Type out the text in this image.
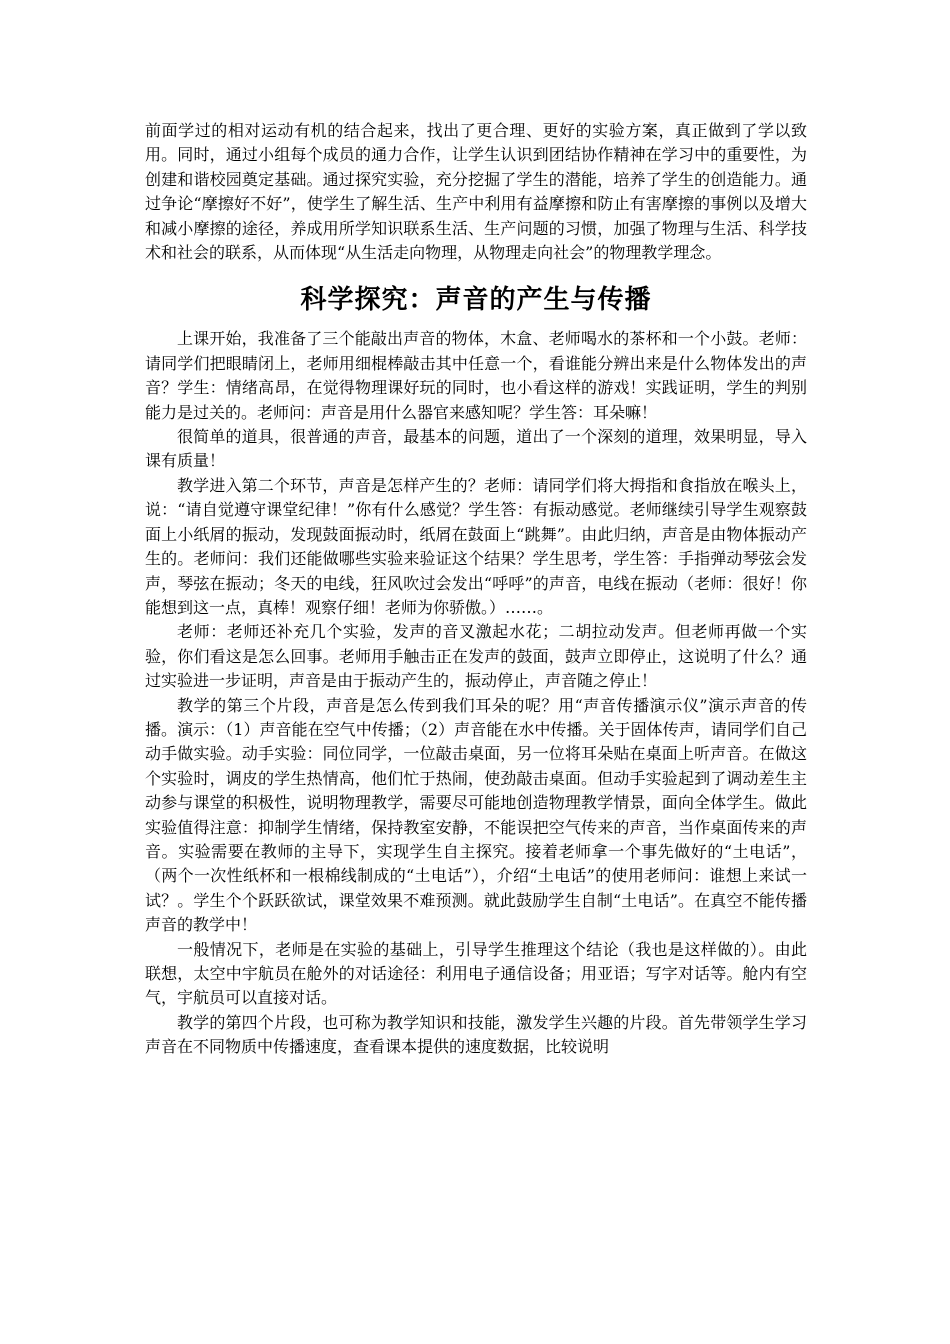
前面学过的相对运动有机的结合起来，找出了更合理、更好的实验方案，真正做到了学以致用。同时，通过小组每个成员的通力合作，让学生认识到团结协作精神在学习中的重要性，为创建和谐校园奠定基础。通过探究实验，充分挖掘了学生的潜能，培养了学生的创造能力。通过争论“摩擦好不好”，使学生了解生活、生产中利用有益摩擦和防止有害摩擦的事例以及增大和减小摩擦的途径，养成用所学知识联系生活、生产问题的习惯，加强了物理与生活、科学技术和社会的联系，从而体现“从生活走向物理，从物理走向社会”的物理教学理念。

科学探究：声音的产生与传播

上课开始，我准备了三个能敲出声音的物体，木盒、老师喝水的茶杯和一个小鼓。老师：请同学们把眼睛闭上，老师用细棍棒敲击其中任意一个，看谁能分辨出来是什么物体发出的声音？学生：情绪高昂，在觉得物理课好玩的同时，也小看这样的游戏！实践证明，学生的判别能力是过关的。老师问：声音是用什么器官来感知呢？学生答：耳朵嘛！

很简单的道具，很普通的声音，最基本的问题，道出了一个深刻的道理，效果明显，导入课有质量！

教学进入第二个环节，声音是怎样产生的？老师：请同学们将大拇指和食指放在喉头上，说：“请自觉遵守课堂纪律！”你有什么感觉？学生答：有振动感觉。老师继续引导学生观察鼓面上小纸屑的振动，发现鼓面振动时，纸屑在鼓面上“跳舞”。由此归纳，声音是由物体振动产生的。老师问：我们还能做哪些实验来验证这个结果？学生思考，学生答：手指弹动琴弦会发声，琴弦在振动；冬天的电线，狂风吹过会发出“呼呼”的声音，电线在振动（老师：很好！你能想到这一点，真棒！观察仔细！老师为你骄傲。）……。

老师：老师还补充几个实验，发声的音叉激起水花；二胡拉动发声。但老师再做一个实验，你们看这是怎么回事。老师用手触击正在发声的鼓面，鼓声立即停止，这说明了什么？通过实验进一步证明，声音是由于振动产生的，振动停止，声音随之停止！

教学的第三个片段，声音是怎么传到我们耳朵的呢？用“声音传播演示仪”演示声音的传播。演示：（1）声音能在空气中传播；（2）声音能在水中传播。关于固体传声，请同学们自己动手做实验。动手实验：同位同学，一位敲击桌面，另一位将耳朵贴在桌面上听声音。在做这个实验时，调皮的学生热情高，他们忙于热闹，使劲敲击桌面。但动手实验起到了调动差生主动参与课堂的积极性，说明物理教学，需要尽可能地创造物理教学情景，面向全体学生。做此实验值得注意：抑制学生情绪，保持教室安静，不能误把空气传来的声音，当作桌面传来的声音。实验需要在教师的主导下，实现学生自主探究。接着老师拿一个事先做好的“土电话”，（两个一次性纸杯和一根棉线制成的“土电话”），介绍“土电话”的使用老师问：谁想上来试一试？。学生个个跃跃欲试，课堂效果不难预测。就此鼓励学生自制“土电话”。在真空不能传播声音的教学中！

一般情况下，老师是在实验的基础上，引导学生推理这个结论（我也是这样做的）。由此联想，太空中宇航员在舱外的对话途径：利用电子通信设备；用亚语；写字对话等。舱内有空气，宇航员可以直接对话。

教学的第四个片段，也可称为教学知识和技能，激发学生兴趣的片段。首先带领学生学习声音在不同物质中传播速度，查看课本提供的速度数据，比较说明
